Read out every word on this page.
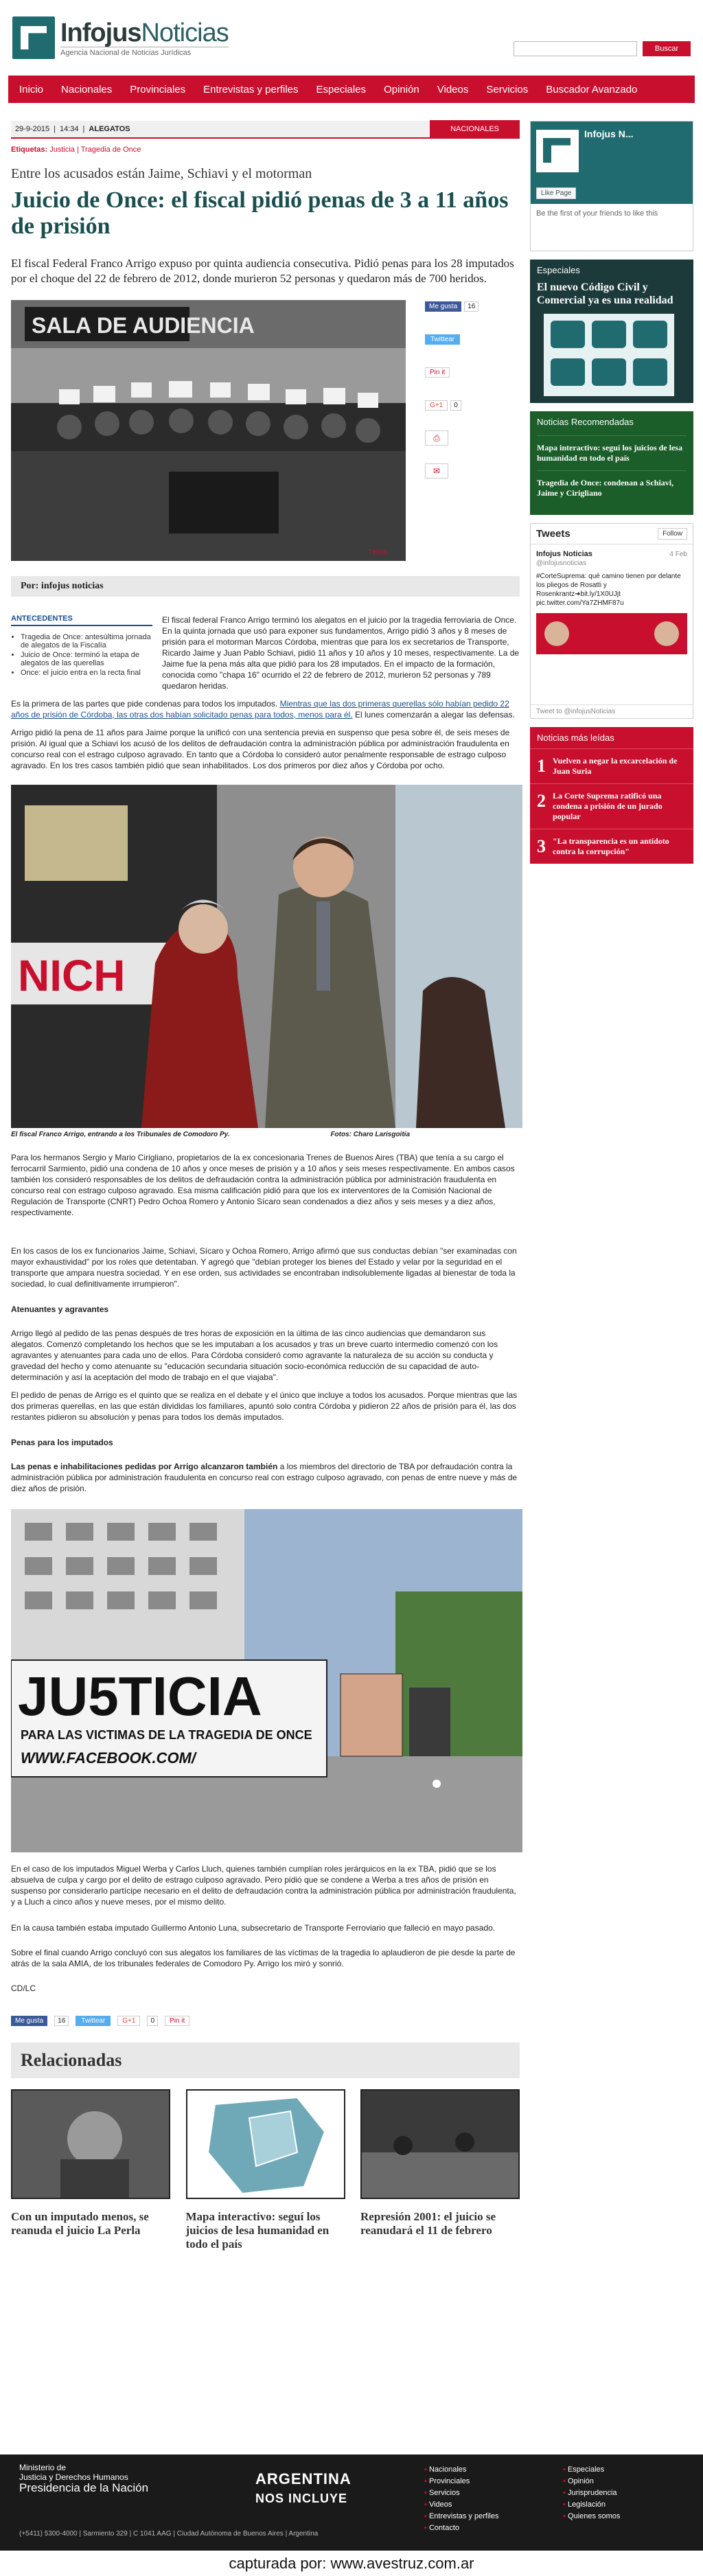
InfojusNoticias
Agencia Nacional de Noticias Jurídicas	Buscar
Inicio Nacionales Provinciales Entrevistas y perfiles Especiales Opinión Videos Servicios Buscador Avanzado
29-9-2015 | 14:34 | ALEGATOS	NACIONALES
Etiquetas: Justicia | Tragedia de Once
Entre los acusados están Jaime, Schiavi y el motorman
Juicio de Once: el fiscal pidió penas de 3 a 11 años de prisión
El fiscal Federal Franco Arrigo expuso por quinta audiencia consecutiva. Pidió penas para los 28 imputados por el choque del 22 de febrero de 2012, donde murieron 52 personas y quedaron más de 700 heridos.
SALA DE AUDIENCIA
Télam
Me gusta	16
Twittear
Pin it
G+1	0
⎙
✉
Por: infojus noticias
ANTECEDENTES
• Tragedia de Once: antesúltima jornada de alegatos de la Fiscalía
• Juicio de Once: terminó la etapa de alegatos de las querellas
• Once: el juicio entra en la recta final
El fiscal federal Franco Arrigo terminó los alegatos en el juicio por la tragedia ferroviaria de Once. En la quinta jornada que usó para exponer sus fundamentos, Arrigo pidió 3 años y 8 meses de prisión para el motorman Marcos Córdoba, mientras que para los ex secretarios de Transporte, Ricardo Jaime y Juan Pablo Schiavi, pidió 11 años y 10 años y 10 meses, respectivamente. La de Jaime fue la pena más alta que pidió para los 28 imputados. En el impacto de la formación, conocida como "chapa 16" ocurrido el 22 de febrero de 2012, murieron 52 personas y 789 quedaron heridas.
Es la primera de las partes que pide condenas para todos los imputados. Mientras que las dos primeras querellas sólo habían pedido 22 años de prisión de Córdoba, las otras dos habían solicitado penas para todos, menos para él. El lunes comenzarán a alegar las defensas.
Arrigo pidió la pena de 11 años para Jaime porque la unificó con una sentencia previa en suspenso que pesa sobre él, de seis meses de prisión. Al igual que a Schiavi los acusó de los delitos de defraudación contra la administración pública por administración fraudulenta en concurso real con el estrago culposo agravado. En tanto que a Córdoba lo consideró autor penalmente responsable de estrago culposo agravado. En los tres casos también pidió que sean inhabilitados. Los dos primeros por diez años y Córdoba por ocho.
NICH
El fiscal Franco Arrigo, entrando a los Tribunales de Comodoro Py.	Fotos: Charo Larisgoitia
Para los hermanos Sergio y Mario Cirigliano, propietarios de la ex concesionaria Trenes de Buenos Aires (TBA) que tenía a su cargo el ferrocarril Sarmiento, pidió una condena de 10 años y once meses de prisión y a 10 años y seis meses respectivamente. En ambos casos también los consideró responsables de los delitos de defraudación contra la administración pública por administración fraudulenta en concurso real con estrago culposo agravado. Esa misma calificación pidió para que los ex interventores de la Comisión Nacional de Regulación de Transporte (CNRT) Pedro Ochoa Romero y Antonio Sícaro sean condenados a diez años y seis meses y a diez años, respectivamente.
En los casos de los ex funcionarios Jaime, Schiavi, Sícaro y Ochoa Romero, Arrigo afirmó que sus conductas debían "ser examinadas con mayor exhaustividad" por los roles que detentaban. Y agregó que "debían proteger los bienes del Estado y velar por la seguridad en el transporte que ampara nuestra sociedad. Y en ese orden, sus actividades se encontraban indisolublemente ligadas al bienestar de toda la sociedad, lo cual definitivamente irrumpieron".
Atenuantes y agravantes
Arrigo llegó al pedido de las penas después de tres horas de exposición en la última de las cinco audiencias que demandaron sus alegatos. Comenzó completando los hechos que se les imputaban a los acusados y tras un breve cuarto intermedio comenzó con los agravantes y atenuantes para cada uno de ellos. Para Córdoba consideró como agravante la naturaleza de su acción su conducta y gravedad del hecho y como atenuante su "educación secundaria situación socio-económica reducción de su capacidad de auto-determinación y así la aceptación del modo de trabajo en el que viajaba".
El pedido de penas de Arrigo es el quinto que se realiza en el debate y el único que incluye a todos los acusados. Porque mientras que las dos primeras querellas, en las que están divididas los familiares, apuntó solo contra Córdoba y pidieron 22 años de prisión para él, las dos restantes pidieron su absolución y penas para todos los demás imputados.
Penas para los imputados
Las penas e inhabilitaciones pedidas por Arrigo alcanzaron también a los miembros del directorio de TBA por defraudación contra la administración pública por administración fraudulenta en concurso real con estrago culposo agravado, con penas de entre nueve y más de diez años de prisión.
JU5TICIA
PARA LAS VICTIMAS DE LA TRAGEDIA DE ONCE
WWW.FACEBOOK.COM/
En el caso de los imputados Miguel Werba y Carlos Lluch, quienes también cumplían roles jerárquicos en la ex TBA, pidió que se los absuelva de culpa y cargo por el delito de estrago culposo agravado. Pero pidió que se condene a Werba a tres años de prisión en suspenso por considerarlo partícipe necesario en el delito de defraudación contra la administración pública por administración fraudulenta, y a Lluch a cinco años y nueve meses, por el mismo delito.
En la causa también estaba imputado Guillermo Antonio Luna, subsecretario de Transporte Ferroviario que falleció en mayo pasado.
Sobre el final cuando Arrigo concluyó con sus alegatos los familiares de las víctimas de la tragedia lo aplaudieron de pie desde la parte de atrás de la sala AMIA, de los tribunales federales de Comodoro Py. Arrigo los miró y sonrió.
CD/LC
Me gusta	16	Twittear	G+1	0	Pin it
Relacionadas
Con un imputado menos, se reanuda el juicio La Perla
Mapa interactivo: seguí los juicios de lesa humanidad en todo el país
Represión 2001: el juicio se reanudará el 11 de febrero
Infojus N...
Like Page
Be the first of your friends to like this
Especiales
El nuevo Código Civil y Comercial ya es una realidad
Noticias Recomendadas
Mapa interactivo: seguí los juicios de lesa humanidad en todo el país
Tragedia de Once: condenan a Schiavi, Jaime y Cirigliano
Tweets	Follow
Infojus Noticias	4 Feb
@infojusnoticias
#CorteSuprema: qué camino tienen por delante los pliegos de Rosatti y Rosenkrantz➜bit.ly/1X0UJjt pic.twitter.com/Ya7ZHMF87u
Tweet to @infojusNoticias
Noticias más leídas
1 Vuelven a negar la excarcelación de Juan Suria
2 La Corte Suprema ratificó una condena a prisión de un jurado popular
3 "La transparencia es un antídoto contra la corrupción"
Ministerio de
Justicia y Derechos Humanos
Presidencia de la Nación
(+5411) 5300-4000 | Sarmiento 329 | C 1041 AAG | Ciudad Autónoma de Buenos Aires | Argentina
ARGENTINA
NOS INCLUYE
▪ Nacionales
▪ Provinciales
▪ Servicios
▪ Videos
▪ Entrevistas y perfiles
▪ Contacto
▪ Especiales
▪ Opinión
▪ Jurisprudencia
▪ Legislación
▪ Quienes somos
capturada por: www.avestruz.com.ar
